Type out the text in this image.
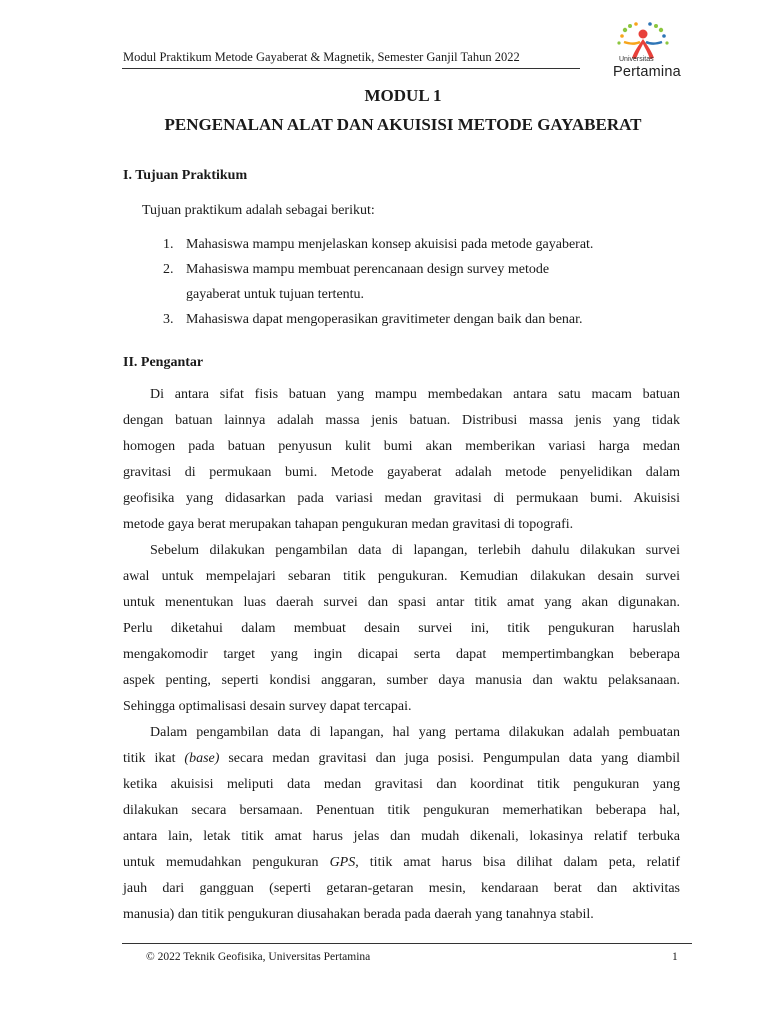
Modul Praktikum Metode Gayaberat & Magnetik, Semester Ganjil Tahun 2022	Universitas
Pertamina
MODUL 1
PENGENALAN ALAT DAN AKUISISI METODE GAYABERAT
I. Tujuan Praktikum
Tujuan praktikum adalah sebagai berikut:
1. Mahasiswa mampu menjelaskan konsep akuisisi pada metode gayaberat.
2. Mahasiswa mampu membuat perencanaan design survey metode
gayaberat untuk tujuan tertentu.
3. Mahasiswa dapat mengoperasikan gravitimeter dengan baik dan benar.
II. Pengantar
Di antara sifat fisis batuan yang mampu membedakan antara satu macam batuan
dengan batuan lainnya adalah massa jenis batuan. Distribusi massa jenis yang tidak
homogen pada batuan penyusun kulit bumi akan memberikan variasi harga medan
gravitasi di permukaan bumi. Metode gayaberat adalah metode penyelidikan dalam
geofisika yang didasarkan pada variasi medan gravitasi di permukaan bumi. Akuisisi
metode gaya berat merupakan tahapan pengukuran medan gravitasi di topografi.
Sebelum dilakukan pengambilan data di lapangan, terlebih dahulu dilakukan survei
awal untuk mempelajari sebaran titik pengukuran. Kemudian dilakukan desain survei
untuk menentukan luas daerah survei dan spasi antar titik amat yang akan digunakan.
Perlu diketahui dalam membuat desain survei ini, titik pengukuran haruslah
mengakomodir target yang ingin dicapai serta dapat mempertimbangkan beberapa
aspek penting, seperti kondisi anggaran, sumber daya manusia dan waktu pelaksanaan.
Sehingga optimalisasi desain survey dapat tercapai.
Dalam pengambilan data di lapangan, hal yang pertama dilakukan adalah pembuatan
titik ikat (base) secara medan gravitasi dan juga posisi. Pengumpulan data yang diambil
ketika akuisisi meliputi data medan gravitasi dan koordinat titik pengukuran yang
dilakukan secara bersamaan. Penentuan titik pengukuran memerhatikan beberapa hal,
antara lain, letak titik amat harus jelas dan mudah dikenali, lokasinya relatif terbuka
untuk memudahkan pengukuran GPS, titik amat harus bisa dilihat dalam peta, relatif
jauh dari gangguan (seperti getaran-getaran mesin, kendaraan berat dan aktivitas
manusia) dan titik pengukuran diusahakan berada pada daerah yang tanahnya stabil.
© 2022 Teknik Geofisika, Universitas Pertamina	1
